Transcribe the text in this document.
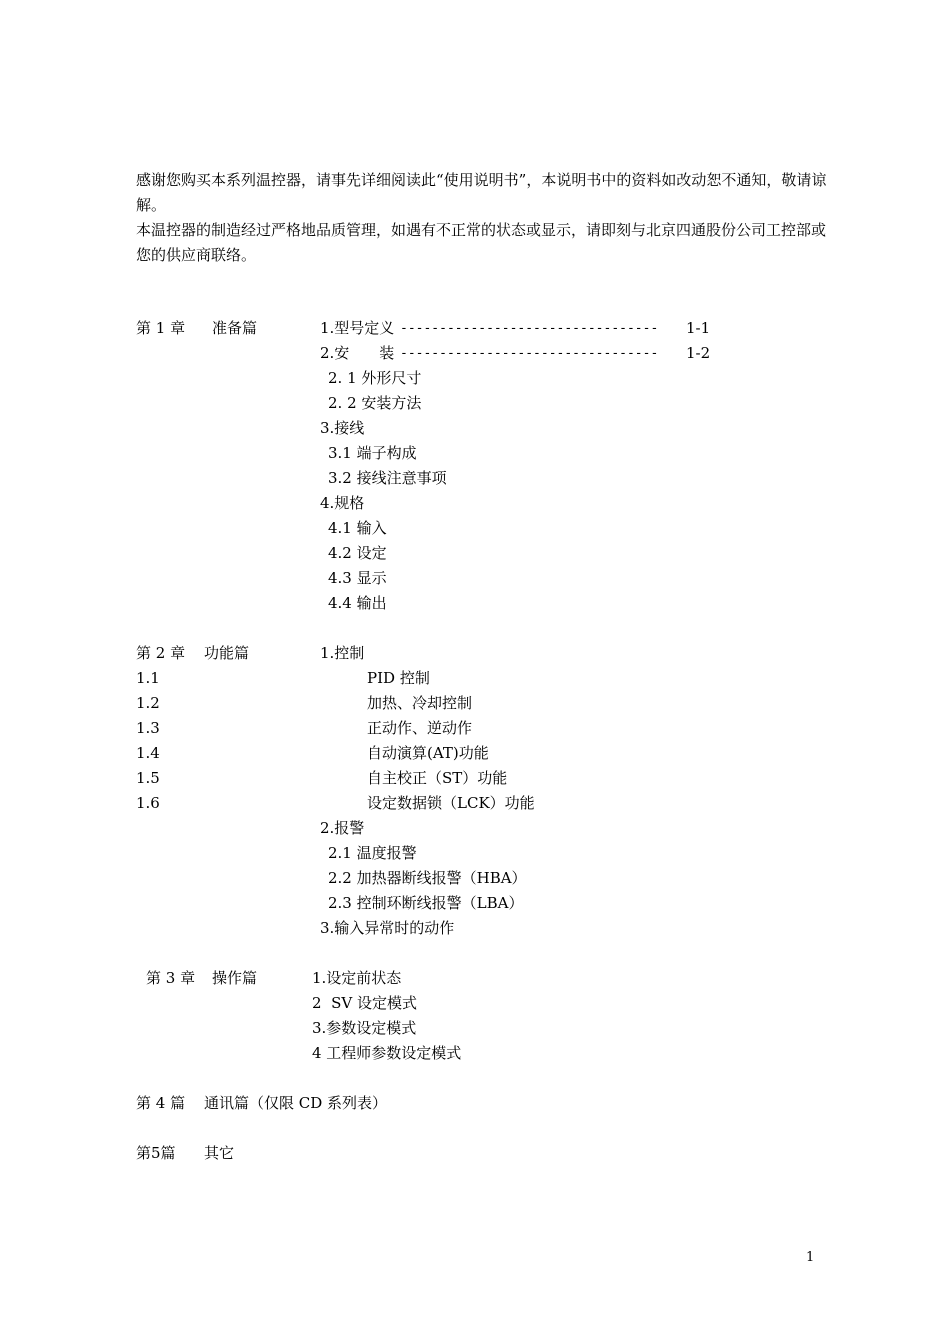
感谢您购买本系列温控器，请事先详细阅读此“使用说明书”，本说明书中的资料如改动恕不通知，敬请谅解。

本温控器的制造经过严格地品质管理，如遇有不正常的状态或显示，请即刻与北京四通股份公司工控部或您的供应商联络。

第 1 章 准备篇	1.型号定义 --------------------------------- 1-1
2.安　　装 --------------------------------- 1-2
2. 1 外形尺寸
2. 2 安装方法
3.接线
3.1 端子构成
3.2 接线注意事项
4.规格
4.1 输入
4.2 设定
4.3 显示
4.4 输出
第 2 章 功能篇	1.控制
1.1	PID 控制
1.2	加热、冷却控制
1.3	正动作、逆动作
1.4	自动演算(AT)功能
1.5	自主校正（ST）功能
1.6	设定数据锁（LCK）功能
2.报警
2.1 温度报警
2.2 加热器断线报警（HBA）
2.3 控制环断线报警（LBA）
3.输入异常时的动作
第 3 章 操作篇	1.设定前状态
2  SV 设定模式
3.参数设定模式
4 工程师参数设定模式
第 4 篇 通讯篇（仅限 CD 系列表）
第5篇 其它
1
